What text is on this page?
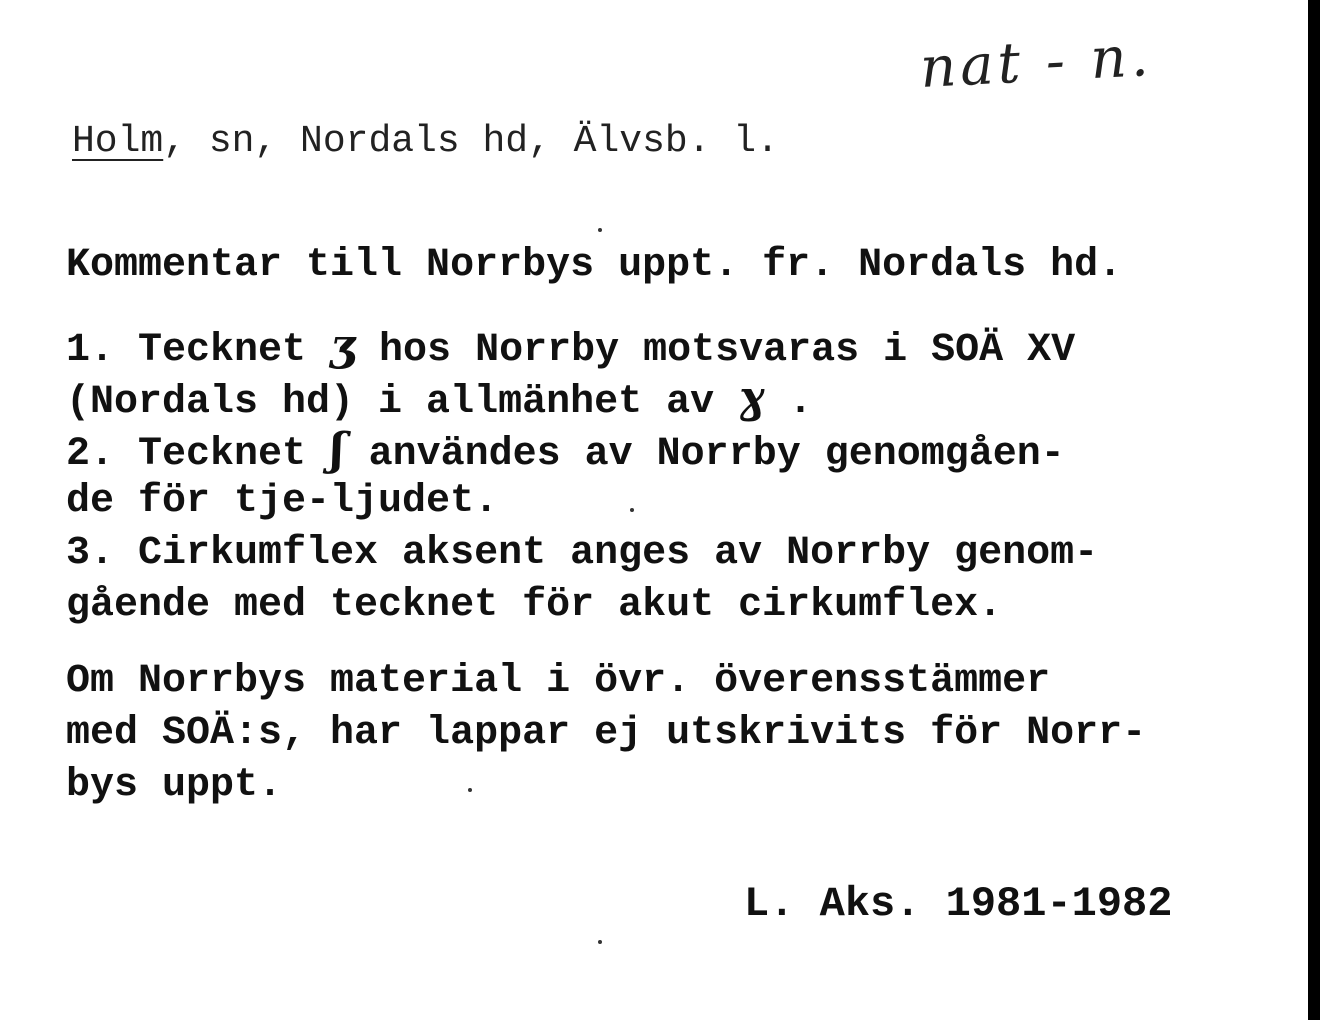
nat - n.
Holm, sn, Nordals hd, Älvsb. l.
Kommentar till Norrbys uppt. fr. Nordals hd.
1. Tecknet ʒ hos Norrby motsvaras i SOÄ XV
(Nordals hd) i allmänhet av ɣ .
2. Tecknet ʃ användes av Norrby genomgåen-
de för tje-ljudet.
3. Cirkumflex aksent anges av Norrby genom-
gående med tecknet för akut cirkumflex.
Om Norrbys material i övr. överensstämmer
med SOÄ:s, har lappar ej utskrivits för Norr-
bys uppt.
L. Aks. 1981-1982
